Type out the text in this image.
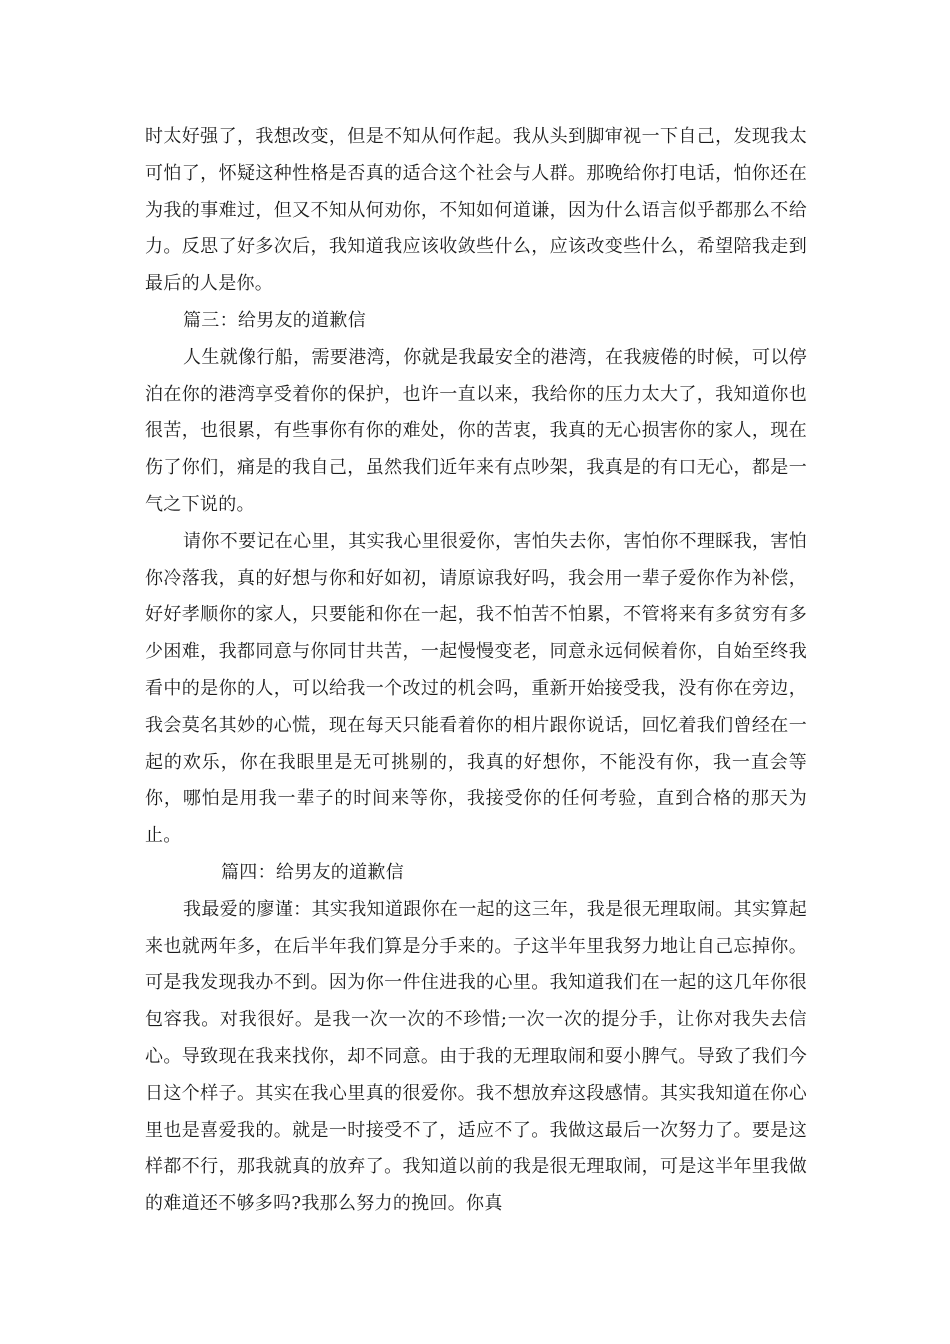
时太好强了，我想改变，但是不知从何作起。我从头到脚审视一下自己，发现我太可怕了，怀疑这种性格是否真的适合这个社会与人群。那晚给你打电话，怕你还在为我的事难过，但又不知从何劝你，不知如何道谦，因为什么语言似乎都那么不给力。反思了好多次后，我知道我应该收敛些什么，应该改变些什么，希望陪我走到最后的人是你。

篇三：给男友的道歉信

人生就像行船，需要港湾，你就是我最安全的港湾，在我疲倦的时候，可以停泊在你的港湾享受着你的保护，也许一直以来，我给你的压力太大了，我知道你也很苦，也很累，有些事你有你的难处，你的苦衷，我真的无心损害你的家人，现在伤了你们，痛是的我自己，虽然我们近年来有点吵架，我真是的有口无心，都是一气之下说的。

请你不要记在心里，其实我心里很爱你，害怕失去你，害怕你不理睬我，害怕你冷落我，真的好想与你和好如初，请原谅我好吗，我会用一辈子爱你作为补偿，好好孝顺你的家人，只要能和你在一起，我不怕苦不怕累，不管将来有多贫穷有多少困难，我都同意与你同甘共苦，一起慢慢变老，同意永远伺候着你，自始至终我看中的是你的人，可以给我一个改过的机会吗，重新开始接受我，没有你在旁边，我会莫名其妙的心慌，现在每天只能看着你的相片跟你说话，回忆着我们曾经在一起的欢乐，你在我眼里是无可挑剔的，我真的好想你，不能没有你，我一直会等你，哪怕是用我一辈子的时间来等你，我接受你的任何考验，直到合格的那天为止。

篇四：给男友的道歉信

我最爱的廖谨：其实我知道跟你在一起的这三年，我是很无理取闹。其实算起来也就两年多，在后半年我们算是分手来的。子这半年里我努力地让自己忘掉你。可是我发现我办不到。因为你一件住进我的心里。我知道我们在一起的这几年你很包容我。对我很好。是我一次一次的不珍惜;一次一次的提分手，让你对我失去信心。导致现在我来找你，却不同意。由于我的无理取闹和耍小脾气。导致了我们今日这个样子。其实在我心里真的很爱你。我不想放弃这段感情。其实我知道在你心里也是喜爱我的。就是一时接受不了，适应不了。我做这最后一次努力了。要是这样都不行，那我就真的放弃了。我知道以前的我是很无理取闹，可是这半年里我做的难道还不够多吗?我那么努力的挽回。你真
